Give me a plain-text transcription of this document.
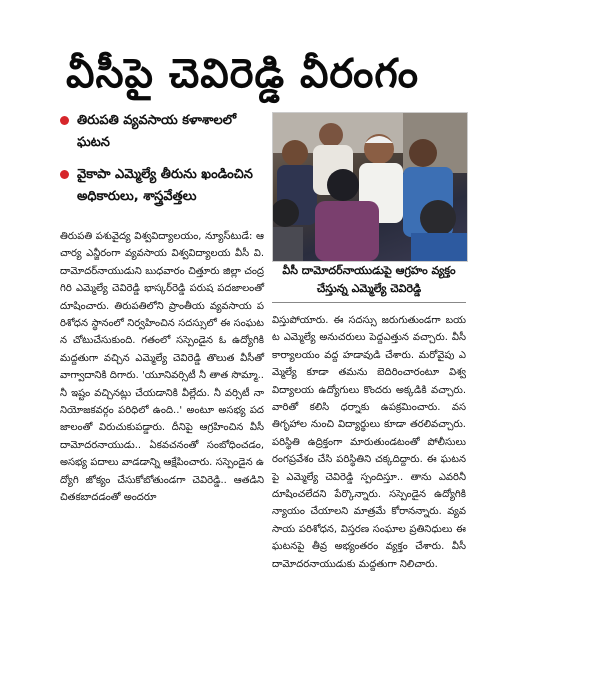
వీసీపై చెవిరెడ్డి వీరంగం
తిరుపతి వ్యవసాయ కళాశాలలో ఘటన
వైకాపా ఎమ్మెల్యే తీరును ఖండించిన అధికారులు, శాస్త్రవేత్తలు
వీసీ దామోదర్‌నాయుడుపై ఆగ్రహం వ్యక్తం చేస్తున్న ఎమ్మెల్యే చెవిరెడ్డి

తిరుపతి పశువైద్య విశ్వవిద్యాలయం, న్యూస్‌టుడే: ఆచార్య ఎన్జీరంగా వ్యవసాయ విశ్వవిద్యాలయ వీసీ వి.దామోదర్‌నాయుడుని బుధవారం చిత్తూరు జిల్లా చంద్రగిరి ఎమ్మెల్యే చెవిరెడ్డి భాస్కర్‌రెడ్డి పరుష పదజాలంతో దూషించారు. తిరుపతిలోని ప్రాంతీయ వ్యవసాయ పరిశోధన స్థానంలో నిర్వహించిన సదస్సులో ఈ సంఘటన చోటుచేసుకుంది. గతంలో సస్పెండైన ఓ ఉద్యోగికి మద్దతుగా వచ్చిన ఎమ్మెల్యే చెవిరెడ్డి తొలుత వీసీతో వాగ్వాదానికి దిగారు. 'యూనివర్సిటీ నీ తాత సొమ్మా.. నీ ఇష్టం వచ్చినట్లు చేయడానికి వీల్లేదు. నీ వర్సిటీ నా నియోజకవర్గం పరిధిలో ఉంది..' అంటూ అసభ్య పదజాలంతో విరుచుకుపడ్డారు. దీనిపై ఆగ్రహించిన వీసీ దామోదరనాయుడు.. ఏకవచనంతో సంబోధించడం, అసభ్య పదాలు వాడడాన్ని ఆక్షేపించారు. సస్పెండైన ఉద్యోగి జోక్యం చేసుకోబోతుండగా చెవిరెడ్డి.. ఆతడిని చితకబాదడంతో అందరూ

విస్తుపోయారు. ఈ సదస్సు జరుగుతుండగా బయట ఎమ్మెల్యే అనుచరులు పెద్దఎత్తున వచ్చారు. వీసీ కార్యాలయం వద్ద హడావుడి చేశారు. మరోవైపు ఎమ్మెల్యే కూడా తమను బెదిరించారంటూ విశ్వవిద్యాలయ ఉద్యోగులు కొందరు అక్కడికి వచ్చారు. వారితో కలిసి ధర్నాకు ఉపక్రమించారు. వసతిగృహాల నుంచి విద్యార్థులు కూడా తరలివచ్చారు. పరిస్థితి ఉద్రిక్తంగా మారుతుండటంతో పోలీసులు రంగప్రవేశం చేసి పరిస్థితిని చక్కదిద్దారు. ఈ ఘటనపై ఎమ్మెల్యే చెవిరెడ్డి స్పందిస్తూ.. తాను ఎవరినీ దూషించలేదని పేర్కొన్నారు. సస్పెండైన ఉద్యోగికి న్యాయం చేయాలని మాత్రమే కోరానన్నారు. వ్యవసాయ పరిశోధన, విస్తరణ సంఘాల ప్రతినిధులు ఈ ఘటనపై తీవ్ర అభ్యంతరం వ్యక్తం చేశారు. వీసీ దామోదరనాయుడుకు మద్దతుగా నిలిచారు.
